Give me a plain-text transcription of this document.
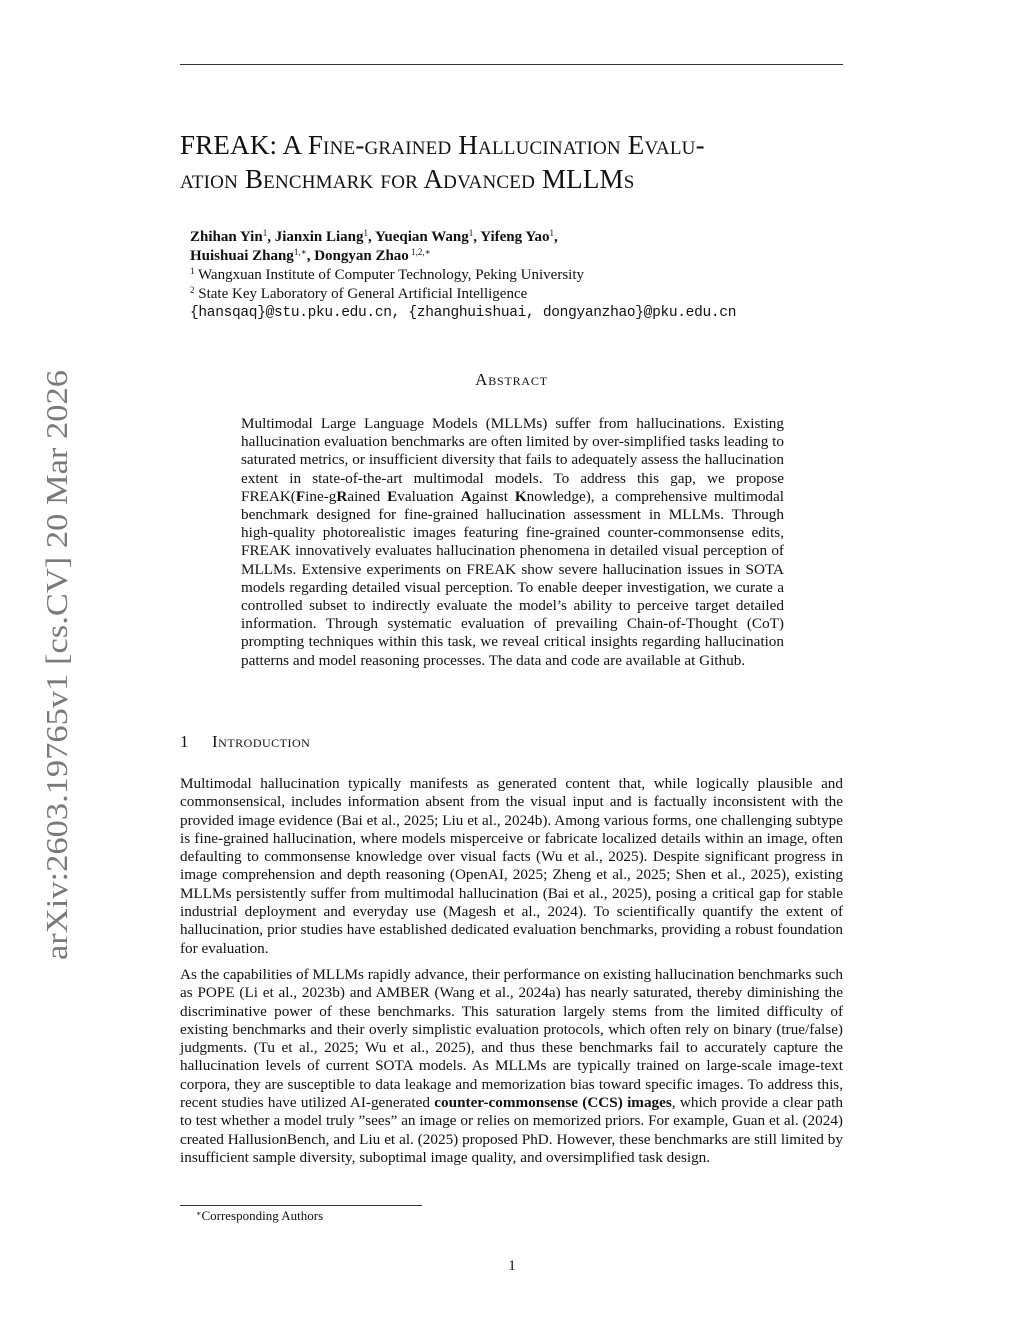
FREAK: A Fine-grained Hallucination Evalu-
ation Benchmark for Advanced MLLMs
Zhihan Yin$^1$, Jianxin Liang$^1$, Yueqian Wang$^1$, Yifeng Yao$^1$,
Huishuai Zhang$^{1,∗}$, Dongyan Zhao $^{1,2,∗}$
$^1$ Wangxuan Institute of Computer Technology, Peking University
$^2$ State Key Laboratory of General Artificial Intelligence
{hansqaq}@stu.pku.edu.cn, {zhanghuishuai, dongyanzhao}@pku.edu.cn
arXiv:2603.19765v1 [cs.CV] 20 Mar 2026
Abstract
Multimodal Large Language Models (MLLMs) suffer from hallucinations. Existing hallucination evaluation benchmarks are often limited by over-simplified tasks leading to saturated metrics, or insufficient diversity that fails to adequately assess the hallucination extent in state-of-the-art multimodal models. To address this gap, we propose FREAK(Fine-gRained Evaluation Against Knowledge), a comprehensive multimodal benchmark designed for fine-grained hallucination assessment in MLLMs. Through high-quality photorealistic images featuring fine-grained counter-commonsense edits, FREAK innovatively evaluates hallucination phenomena in detailed visual perception of MLLMs. Extensive experiments on FREAK show severe hallucination issues in SOTA models regarding detailed visual perception. To enable deeper investigation, we curate a controlled subset to indirectly evaluate the model’s ability to perceive target detailed information. Through systematic evaluation of prevailing Chain-of-Thought (CoT) prompting techniques within this task, we reveal critical insights regarding hallucination patterns and model reasoning processes. The data and code are available at Github.
1 Introduction

Multimodal hallucination typically manifests as generated content that, while logically plausible and commonsensical, includes information absent from the visual input and is factually inconsistent with the provided image evidence (Bai et al., 2025; Liu et al., 2024b). Among various forms, one challenging subtype is fine-grained hallucination, where models misperceive or fabricate localized details within an image, often defaulting to commonsense knowledge over visual facts (Wu et al., 2025). Despite significant progress in image comprehension and depth reasoning (OpenAI, 2025; Zheng et al., 2025; Shen et al., 2025), existing MLLMs persistently suffer from multimodal hallucination (Bai et al., 2025), posing a critical gap for stable industrial deployment and everyday use (Magesh et al., 2024). To scientifically quantify the extent of hallucination, prior studies have established dedicated evaluation benchmarks, providing a robust foundation for evaluation.

As the capabilities of MLLMs rapidly advance, their performance on existing hallucination benchmarks such as POPE (Li et al., 2023b) and AMBER (Wang et al., 2024a) has nearly saturated, thereby diminishing the discriminative power of these benchmarks. This saturation largely stems from the limited difficulty of existing benchmarks and their overly simplistic evaluation protocols, which often rely on binary (true/false) judgments. (Tu et al., 2025; Wu et al., 2025), and thus these benchmarks fail to accurately capture the hallucination levels of current SOTA models. As MLLMs are typically trained on large-scale image-text corpora, they are susceptible to data leakage and memorization bias toward specific images. To address this, recent studies have utilized AI-generated counter-commonsense (CCS) images, which provide a clear path to test whether a model truly ”sees” an image or relies on memorized priors. For example, Guan et al. (2024) created HallusionBench, and Liu et al. (2025) proposed PhD. However, these benchmarks are still limited by insufficient sample diversity, suboptimal image quality, and oversimplified task design.

∗Corresponding Authors
1
